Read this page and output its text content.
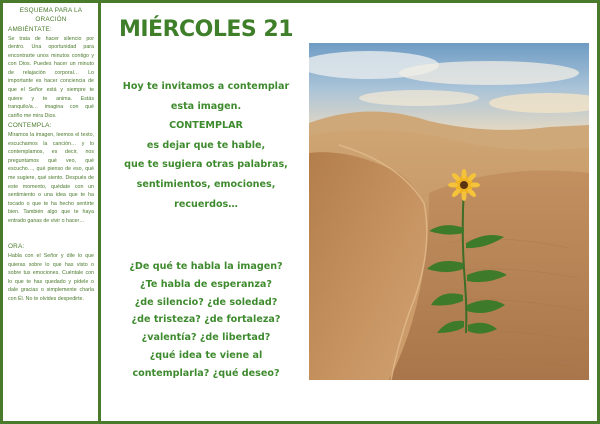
ESQUEMA PARA LA
ORACIÓN

AMBIÉNTATE:

Se trata de hacer silencio por dentro. Una oportunidad para encontrarte unos minutos contigo y con Dios. Puedes hacer un minuto de relajación corporal… Lo importante es hacer conciencia de que el Señor está y siempre te quiere y te anima. Estás tranquilo/a… imagina con qué cariño me mira Dios.

CONTEMPLA:

Miramos la imagen, leemos el texto, escuchamos la canción… y lo contemplamos, es decir, nos preguntamos qué veo, qué escucho…, qué pienso de eso, qué me sugiere, qué siento. Después de este momento, quédate con un sentimiento o una idea que te ha tocado o que te ha hecho sentirte bien. También algo que te haya entrado ganas de vivir o hacer…

ORA:

Habla con el Señor y dile lo que quieras sobre lo que has visto o sobre tus emociones. Cuéntale con lo que te has quedado y pídele o dale gracias o simplemente charla con Él. No te olvides despedirte.

MIÉRCOLES 21
Hoy te invitamos a contemplar
esta imagen.
CONTEMPLAR
es dejar que te hable,
que te sugiera otras palabras,
sentimientos, emociones,
recuerdos…
¿De qué te habla la imagen?
¿Te habla de esperanza?
¿de silencio? ¿de soledad?
¿de tristeza? ¿de fortaleza?
¿valentía? ¿de libertad?
¿qué idea te viene al
contemplarla? ¿qué deseo?
